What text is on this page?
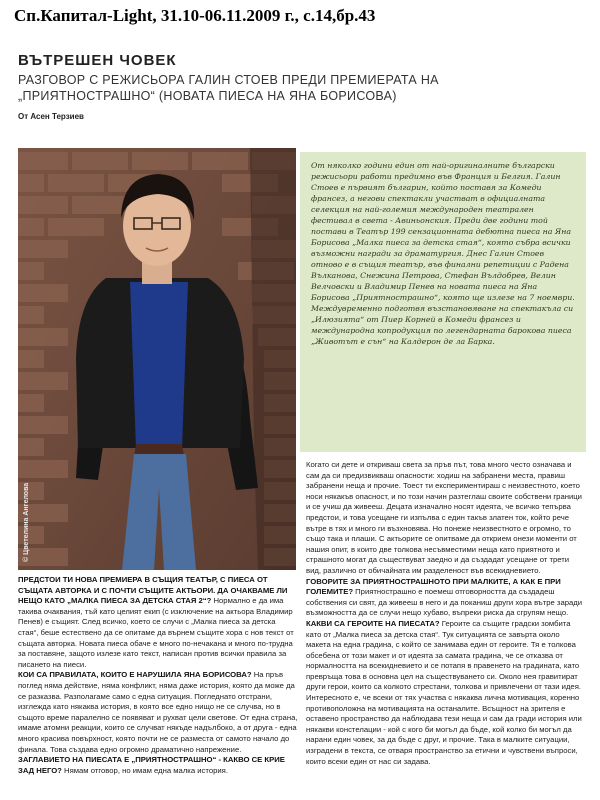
Сп.Капитал-Light, 31.10-06.11.2009 г., с.14,бр.43
ВЪТРЕШЕН ЧОВЕК
РАЗГОВОР С РЕЖИСЬОРА ГАЛИН СТОЕВ ПРЕДИ ПРЕМИЕРАТА НА „ПРИЯТНОСТРАШНО“ (НОВАТА ПИЕСА НА ЯНА БОРИСОВА)
От Асен Терзиев
© Цветелина Ангелова

От няколко години един от най-оригиналните български режисьори работи предимно във Франция и Белгия. Галин Стоев е първият българин, който поставя за Комеди франсез, а негови спектакли участват в официалната селекция на най-големия международен театрален фестивал в света - Авиньонския. Преди две години той постави в Театър 199 сензационната дебютна пиеса на Яна Борисова „Малка пиеса за детска стая“, която събра всички възможни награди за драматургия. Днес Галин Стоев отново е в същия театър, във финални репетиции с Радена Вълканова, Снежина Петрова, Стефан Вълдобрев, Велин Велчовски и Владимир Пенев на новата пиеса на Яна Борисова „Приятнострашно“, която ще излезе на 7 ноември. Междувременно подготвя възстановяване на спектакъла си „Илюзията“ от Пиер Корней в Комеди франсез и международна копродукция по легендарната барокова пиеса „Животът е сън“ на Калдерон де ла Барка.

Когато си дете и откриваш света за пръв път, това много често означава и сам да си предизвикваш опасности: ходиш на забранени места, правиш забранени неща и прочие. Тоест ти експериментираш с неизвестното, което носи някакъв опасност, и по този начин разтеглаш своите собствени граници и се учиш да живееш. Децата изначално носят идеята, че всичко тепърва предстои, и това усещане ги изпълва с един такъв златен ток, който рече вътре в тях и много ги възхновява. Но понеже неизвестното е огромно, то също така и плаши. С актьорите се опитваме да открием онези моменти от нашия опит, в които две толкова несъвместими неща като приятното и страшното могат да съществуват заедно и да създадат усещане от трети вид, различно от обичайната им разделеност във всекидневието.

ГОВОРИТЕ ЗА ПРИЯТНОСТРАШНОТО ПРИ МАЛКИТЕ, А КАК Е ПРИ ГОЛЕМИТЕ? Приятнострашно е поемеш отговорността да създадеш собствения си свят, да живееш в него и да поканиш други хора вътре заради възможността да се случи нещо хубаво, въпреки риска да сгрупям нещо.

КАКВИ СА ГЕРОИТЕ НА ПИЕСАТА? Героите са същите градски зомбита като от „Малка пиеса за детска стая“. Тук ситуацията се завърта около макета на една градина, с който се занимава един от героите. Тя е толкова обсебена от този макет и от идеята за самата градина, че се отказва от нормалността на всекидневието и се потапя в правенето на градината, като превръща това в основна цел на съществуването си. Около нея гравитират други герои, които са колкото стрестани, толкова и привлечени от тази идея. Интересното е, че всеки от тях участва с някаква лична мотивация, коренно противоположна на мотивацията на останалите. Всъщност на зрителя е оставено пространство да наблюдава тези неща и сам да гради история или някакви констелации - кой с кого би могъл да бъде, кой колко би могъл да нарани един човек, за да бъде с друг, и прочие. Така в малките ситуации, изградени в текста, се отваря пространство за етични и чувствени въпроси, които всеки един от нас си задава.

ПРЕДСТОИ ТИ НОВА ПРЕМИЕРА В СЪЩИЯ ТЕАТЪР, С ПИЕСА ОТ СЪЩАТА АВТОРКА И С ПОЧТИ СЪЩИТЕ АКТЬОРИ. ДА ОЧАКВАМЕ ЛИ НЕЩО КАТО „МАЛКА ПИЕСА ЗА ДЕТСКА СТАЯ 2“? Нормално е да има такива очаквания, тъй като целият екип (с изключение на актьора Владимир Пенев) е същият. След всичко, което се случи с „Малка пиеса за детска стая“, беше естествено да се опитаме да върнем същите хора с нов текст от същата авторка. Новата пиеса обаче е много по-нечакана и много по-трудна за поставяне, защото излезе като текст, написан против всички правила за писането на пиеси.

КОИ СА ПРАВИЛАТА, КОИТО Е НАРУШИЛА ЯНА БОРИСОВА? На пръв поглед няма действие, няма конфликт, няма даже история, която да може да се разказва. Разполагаме само с една ситуация. Погледнато отстрани, изглежда като някаква история, в която все едно нищо не се случва, но в същото време паралелно се появяват и рухват цели светове. От една страна, имаме атомни реакции, които се случват някъде надълбоко, а от друга - една много красива повърхност, която почти не се разместа от самото начало до финала. Това създава едно огромно драматично напрежение.

ЗАГЛАВИЕТО НА ПИЕСАТА Е „ПРИЯТНОСТРАШНО“ - КАКВО СЕ КРИЕ ЗАД НЕГО? Нямам отговор, но имам една малка история.
